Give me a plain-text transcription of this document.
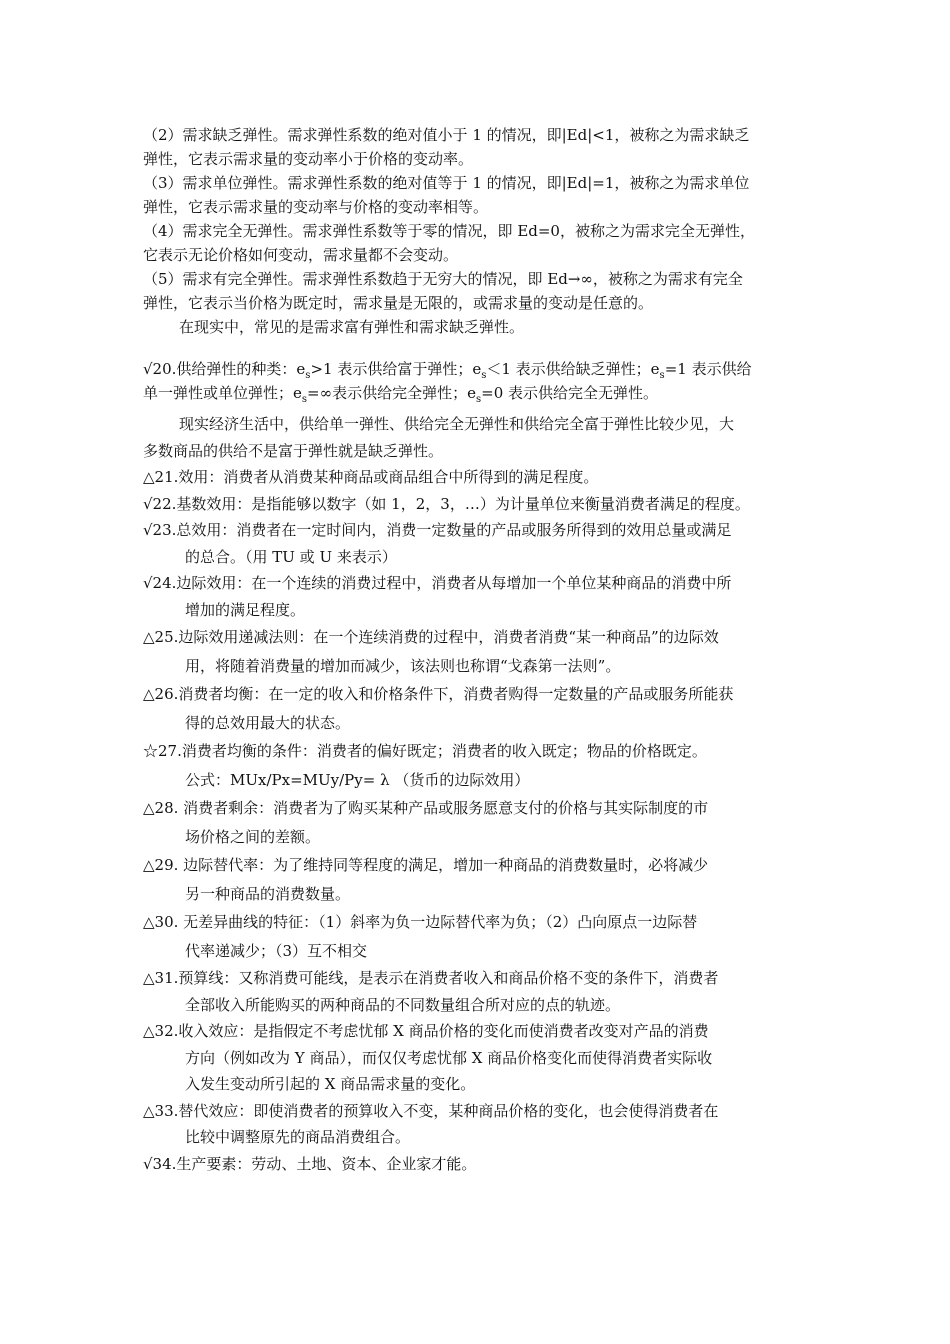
（2）需求缺乏弹性。需求弹性系数的绝对值小于 1 的情况，即|Ed|<1，被称之为需求缺乏
弹性，它表示需求量的变动率小于价格的变动率。
（3）需求单位弹性。需求弹性系数的绝对值等于 1 的情况，即|Ed|=1，被称之为需求单位
弹性，它表示需求量的变动率与价格的变动率相等。
（4）需求完全无弹性。需求弹性系数等于零的情况，即 Ed=0，被称之为需求完全无弹性，
它表示无论价格如何变动，需求量都不会变动。
（5）需求有完全弹性。需求弹性系数趋于无穷大的情况，即 Ed→∞，被称之为需求有完全
弹性，它表示当价格为既定时，需求量是无限的，或需求量的变动是任意的。
在现实中，常见的是需求富有弹性和需求缺乏弹性。
√20.供给弹性的种类：$e_s>1$ 表示供给富于弹性；$e_s<1$ 表示供给缺乏弹性；$e_s=1$ 表示供给
单一弹性或单位弹性；$e_s=\infty$表示供给完全弹性；$e_s=0$ 表示供给完全无弹性。
现实经济生活中，供给单一弹性、供给完全无弹性和供给完全富于弹性比较少见，大
多数商品的供给不是富于弹性就是缺乏弹性。
△21.效用：消费者从消费某种商品或商品组合中所得到的满足程度。
√22.基数效用：是指能够以数字（如 1，2，3，…）为计量单位来衡量消费者满足的程度。
√23.总效用：消费者在一定时间内，消费一定数量的产品或服务所得到的效用总量或满足
的总合。（用 TU 或 U 来表示）
√24.边际效用：在一个连续的消费过程中，消费者从每增加一个单位某种商品的消费中所
增加的满足程度。
△25.边际效用递减法则：在一个连续消费的过程中，消费者消费“某一种商品”的边际效
用，将随着消费量的增加而减少，该法则也称谓“戈森第一法则”。
△26.消费者均衡：在一定的收入和价格条件下，消费者购得一定数量的产品或服务所能获
得的总效用最大的状态。
☆27.消费者均衡的条件：消费者的偏好既定；消费者的收入既定；物品的价格既定。
公式：MUx/Px=MUy/Py= λ （货币的边际效用）
△28. 消费者剩余：消费者为了购买某种产品或服务愿意支付的价格与其实际制度的市
场价格之间的差额。
△29. 边际替代率：为了维持同等程度的满足，增加一种商品的消费数量时，必将减少
另一种商品的消费数量。
△30. 无差异曲线的特征：（1）斜率为负一边际替代率为负；（2）凸向原点一边际替
代率递减少；（3）互不相交
△31.预算线：又称消费可能线，是表示在消费者收入和商品价格不变的条件下，消费者
全部收入所能购买的两种商品的不同数量组合所对应的点的轨迹。
△32.收入效应：是指假定不考虑忧郁 X 商品价格的变化而使消费者改变对产品的消费
方向（例如改为 Y 商品），而仅仅考虑忧郁 X 商品价格变化而使得消费者实际收
入发生变动所引起的 X 商品需求量的变化。
△33.替代效应：即使消费者的预算收入不变，某种商品价格的变化，也会使得消费者在
比较中调整原先的商品消费组合。
√34.生产要素：劳动、土地、资本、企业家才能。
